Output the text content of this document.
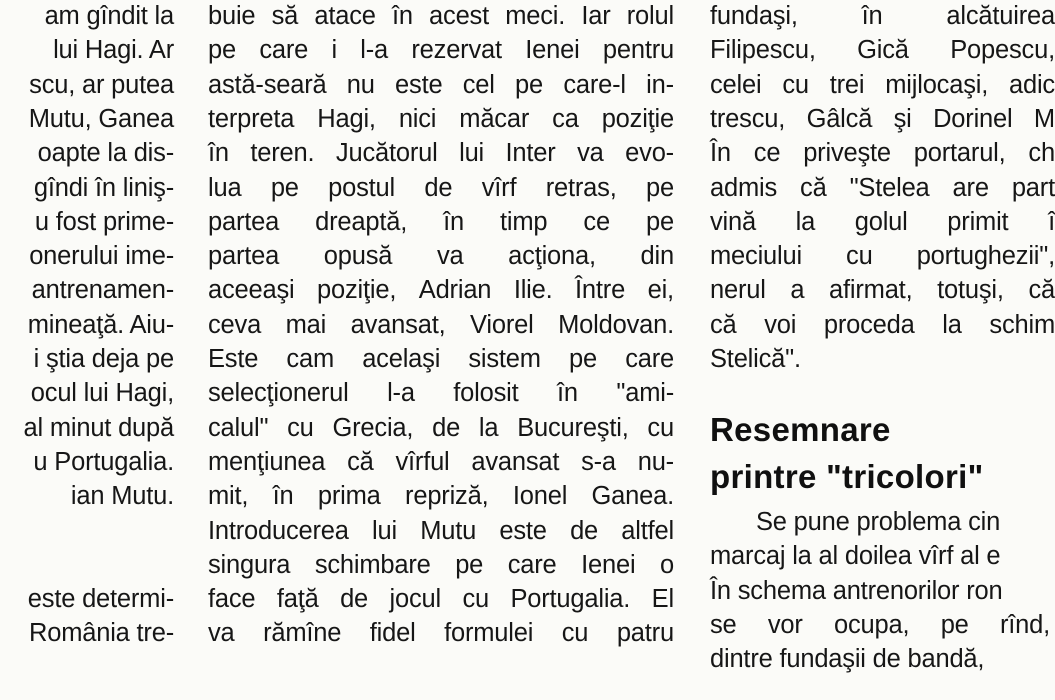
am gîndit la
lui Hagi. Ar
scu, ar putea
Mutu, Ganea
oapte la dis-
gîndi în liniş-
u fost prime-
onerului ime-
antrenamen-
mineaţă. Aiu-
i ştia deja pe
ocul lui Hagi,
al minut după
u Portugalia.
ian Mutu.
este determi-
România tre-
buie să atace în acest meci. Iar rolul
pe care i l-a rezervat Ienei pentru
astă-seară nu este cel pe care-l in-
terpreta Hagi, nici măcar ca poziţie
în teren. Jucătorul lui Inter va evo-
lua pe postul de vîrf retras, pe
partea dreaptă, în timp ce pe
partea opusă va acţiona, din
aceeaşi poziţie, Adrian Ilie. Între ei,
ceva mai avansat, Viorel Moldovan.
Este cam acelaşi sistem pe care
selecţionerul l-a folosit în "ami-
calul" cu Grecia, de la Bucureşti, cu
menţiunea că vîrful avansat s-a nu-
mit, în prima repriză, Ionel Ganea.
Introducerea lui Mutu este de altfel
singura schimbare pe care Ienei o
face faţă de jocul cu Portugalia. El
va rămîne fidel formulei cu patru
fundaşi,	în	alcătuirea
Filipescu, Gică Popescu,
celei cu trei mijlocaşi, adic
trescu, Gâlcă şi Dorinel M
În ce priveşte portarul, ch
admis că "Stelea are part
vină la golul primit î
meciului cu portughezii",
nerul a afirmat, totuşi, că
că voi proceda la schim
Stelică".
Resemnare
printre "tricolori"
Se pune problema cin
marcaj la al doilea vîrf al e
În schema antrenorilor ron
se vor ocupa, pe rînd,
dintre fundaşii de bandă,
